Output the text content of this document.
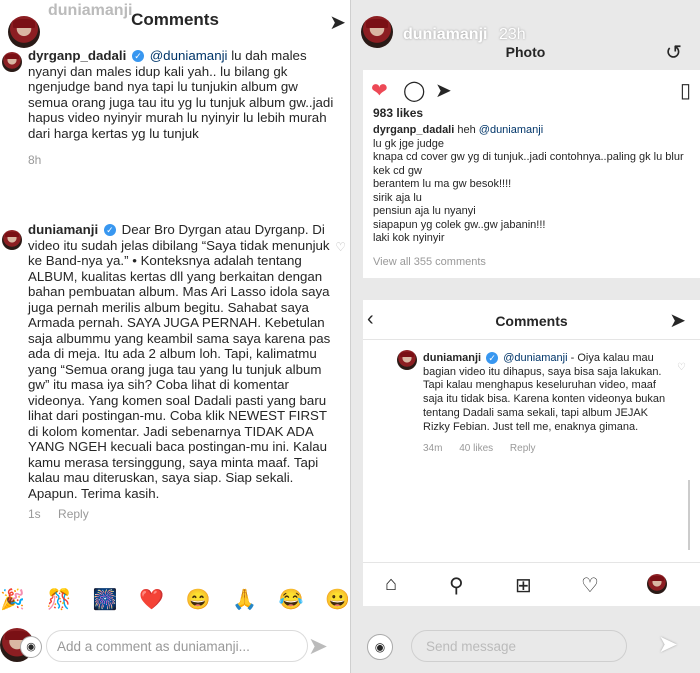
duniamanji
Comments	➤
dyrganp_dadali ✓ @duniamanji lu dah males nyanyi dan males idup kali yah.. lu bilang gk ngenjudge band nya tapi lu tunjukin album gw semua orang juga tau itu yg lu tunjuk album gw..jadi hapus video nyinyir murah lu nyinyir lu lebih murah dari harga kertas yg lu tunjuk
8h
♡
duniamanji ✓ Dear Bro Dyrgan atau Dyrganp. Di video itu sudah jelas dibilang “Saya tidak menunjuk ke Band-nya ya.” • Konteksnya adalah tentang ALBUM, kualitas kertas dll yang berkaitan dengan bahan pembuatan album. Mas Ari Lasso idola saya juga pernah merilis album begitu. Sahabat saya Armada pernah. SAYA JUGA PERNAH. Kebetulan saja albummu yang keambil sama saya karena pas ada di meja. Itu ada 2 album loh. Tapi, kalimatmu yang “Semua orang juga tau yang lu tunjuk album gw” itu masa iya sih? Coba lihat di komentar videonya. Yang komen soal Dadali pasti yang baru lihat dari postingan-mu. Coba klik NEWEST FIRST di kolom komentar. Jadi sebenarnya TIDAK ADA YANG NGEH kecuali baca postingan-mu ini. Kalau kamu merasa tersinggung, saya minta maaf. Tapi kalau mau diteruskan, saya siap. Siap sekali. Apapun. Terima kasih.
1s Reply
🎉 🎊 🎆 ❤️ 😄 🙏 😂 😀
◉	Add a comment as duniamanji...	➤
duniamanji 23h
Photo	↺
❤ ◯ ➤	▯
983 likes
dyrganp_dadali heh @duniamanji
lu gk jge judge
knapa cd cover gw yg di tunjuk..jadi contohnya..paling gk lu blur kek cd gw
berantem lu ma gw besok!!!!
sirik aja lu
pensiun aja lu nyanyi
siapapun yg colek gw..gw jabanin!!!
laki kok nyinyir
View all 355 comments
‹	Comments	➤
♡
duniamanji ✓ @duniamanji - Oiya kalau mau bagian video itu dihapus, saya bisa saja lakukan. Tapi kalau menghapus keseluruhan video, maaf saja itu tidak bisa. Karena konten videonya bukan tentang Dadali sama sekali, tapi album JEJAK Rizky Febian. Just tell me, enaknya gimana.
34m 40 likes Reply
⌂	⚲	⊞ ♡
◉	Send message	➤
